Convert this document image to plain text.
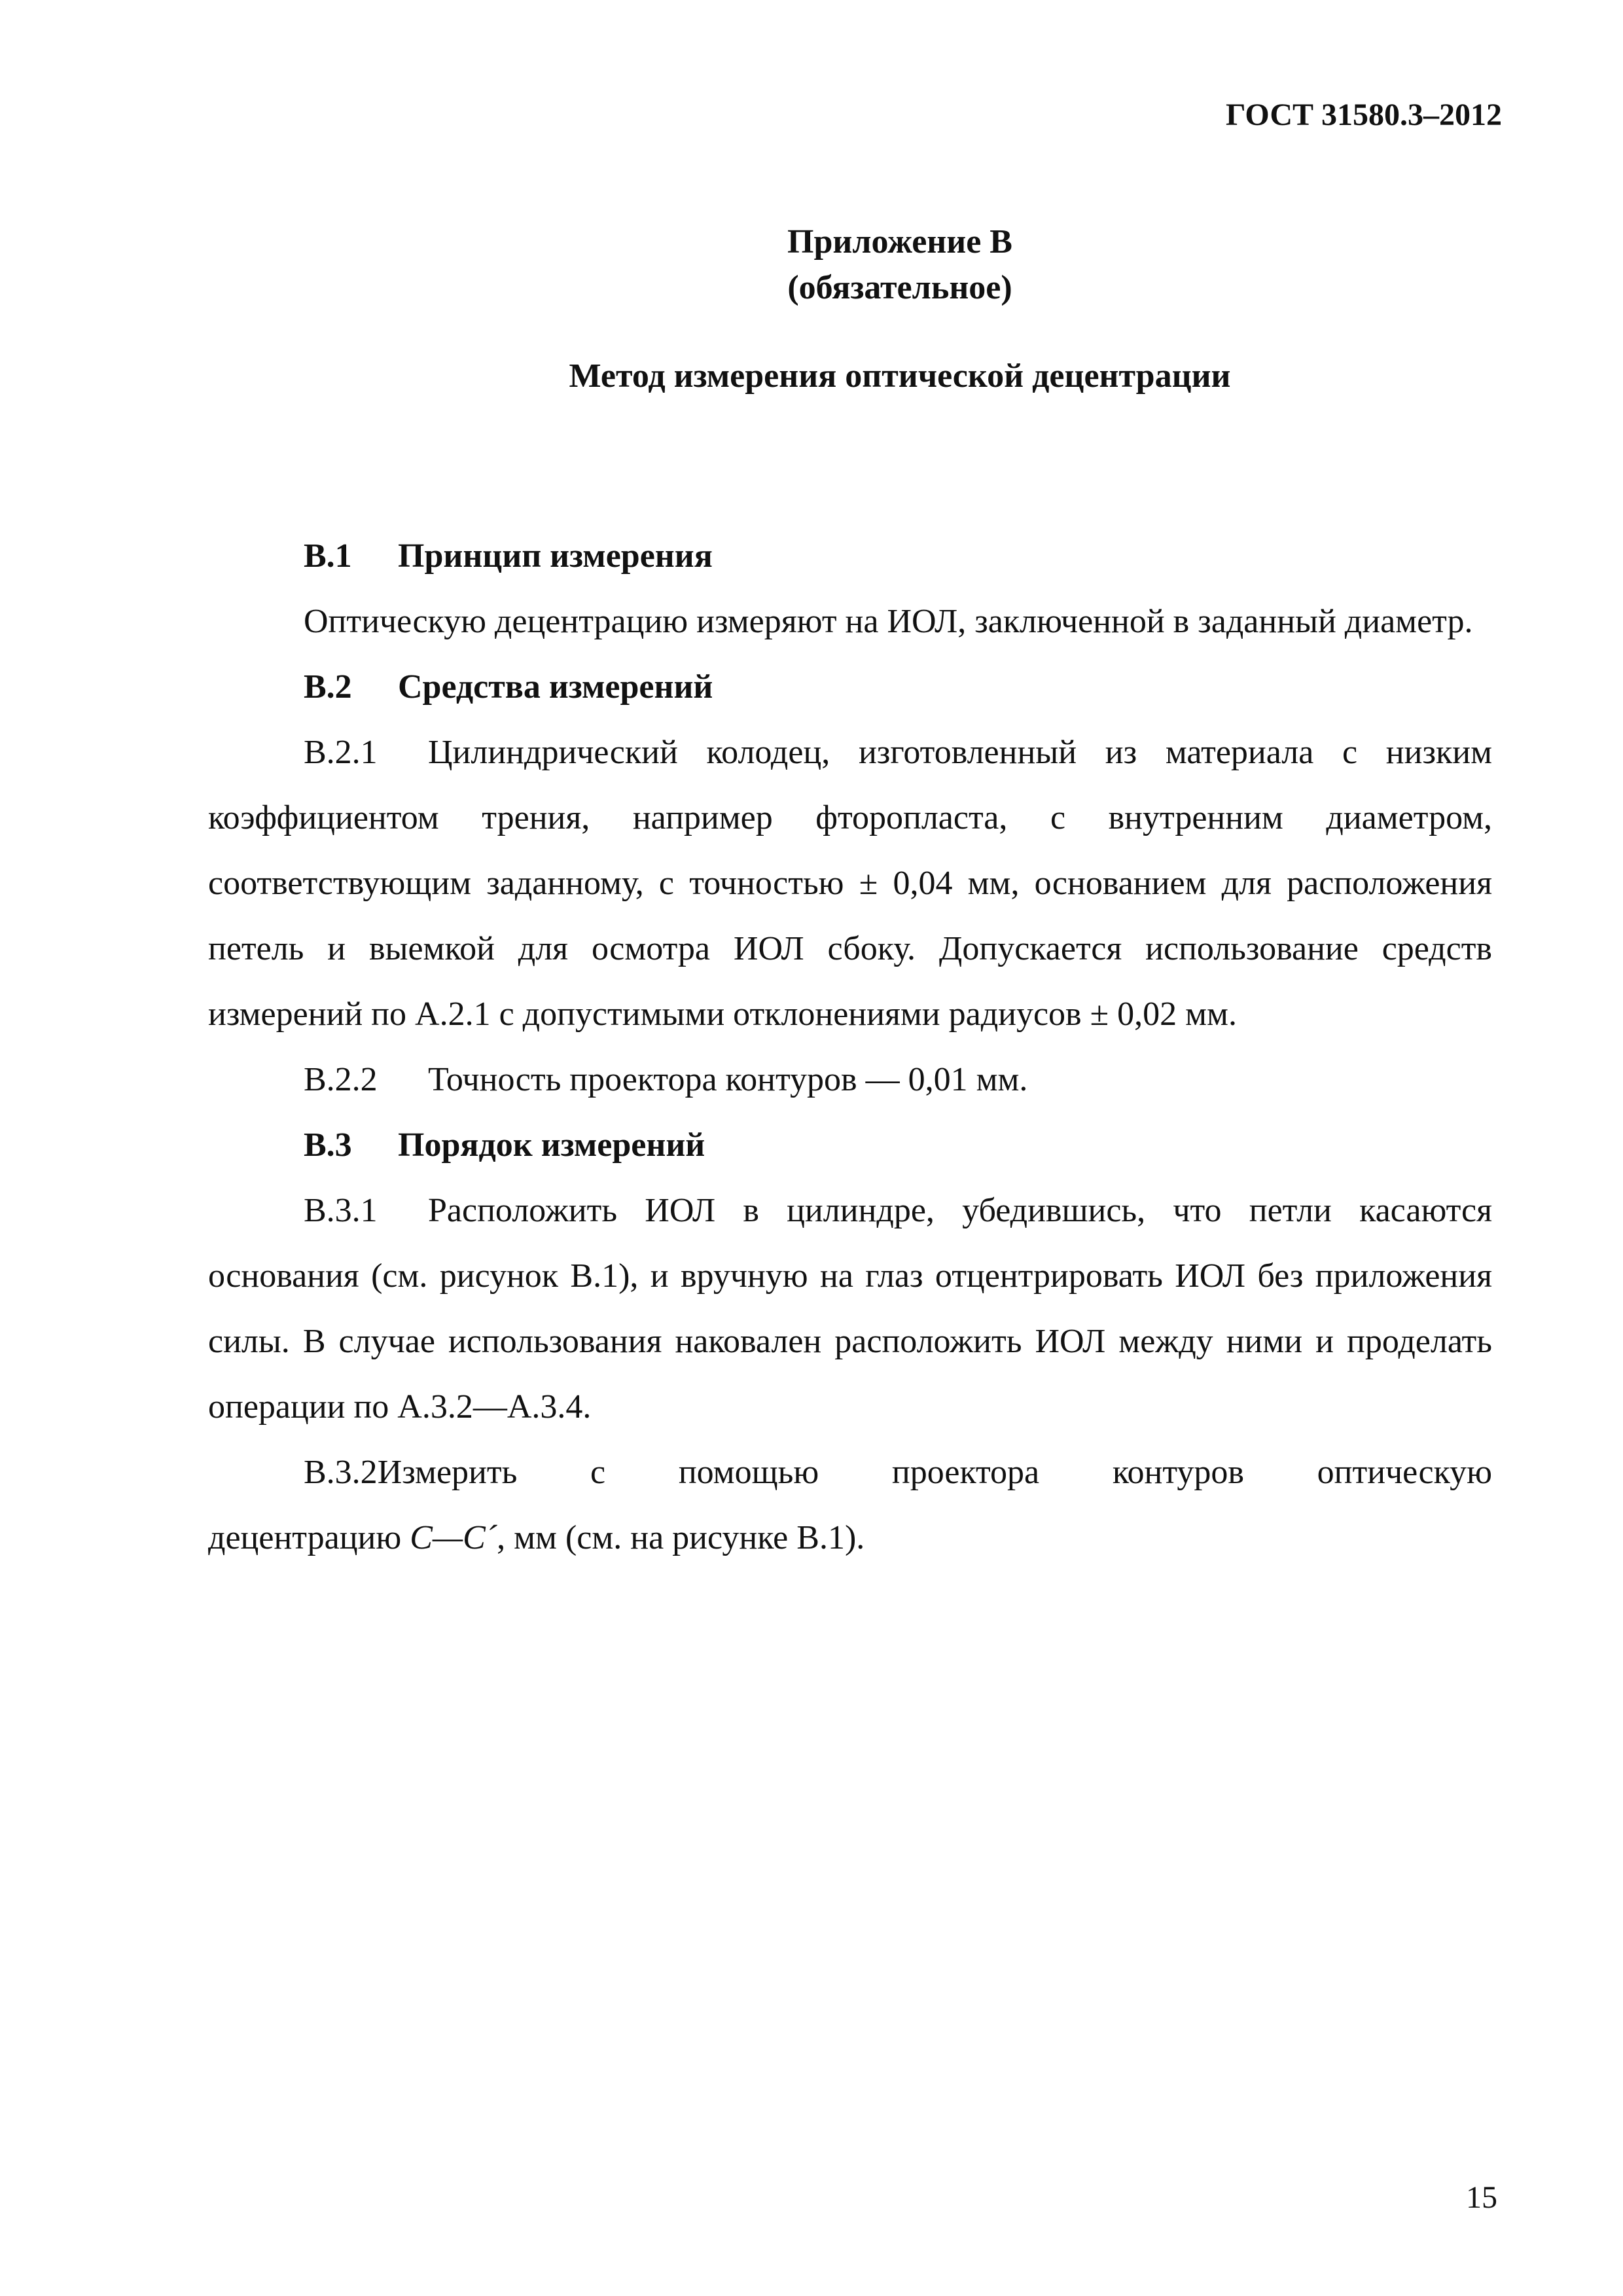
ГОСТ 31580.3–2012
Приложение В
(обязательное)
Метод измерения оптической децентрации

В.1 Принцип измерения

Оптическую децентрацию измеряют на ИОЛ, заключенной в заданный диаметр.

В.2 Средства измерений

В.2.1 Цилиндрический колодец, изготовленный из материала с низким коэффициентом трения, например фторопласта, с внутренним диаметром, соответствующим заданному, с точностью ± 0,04 мм, основанием для расположения петель и выемкой для осмотра ИОЛ сбоку. Допускается использование средств измерений по А.2.1 с допустимыми отклонениями радиусов ± 0,02 мм.

В.2.2 Точность проектора контуров — 0,01 мм.

В.3 Порядок измерений

В.3.1 Расположить ИОЛ в цилиндре, убедившись, что петли касаются основания (см. рисунок В.1), и вручную на глаз отцентрировать ИОЛ без приложения силы. В случае использования наковален расположить ИОЛ между ними и проделать операции по А.3.2—А.3.4.

В.3.2Измерить с помощью проектора контуров оптическую

децентрацию C—C´, мм (см. на рисунке В.1).

15
